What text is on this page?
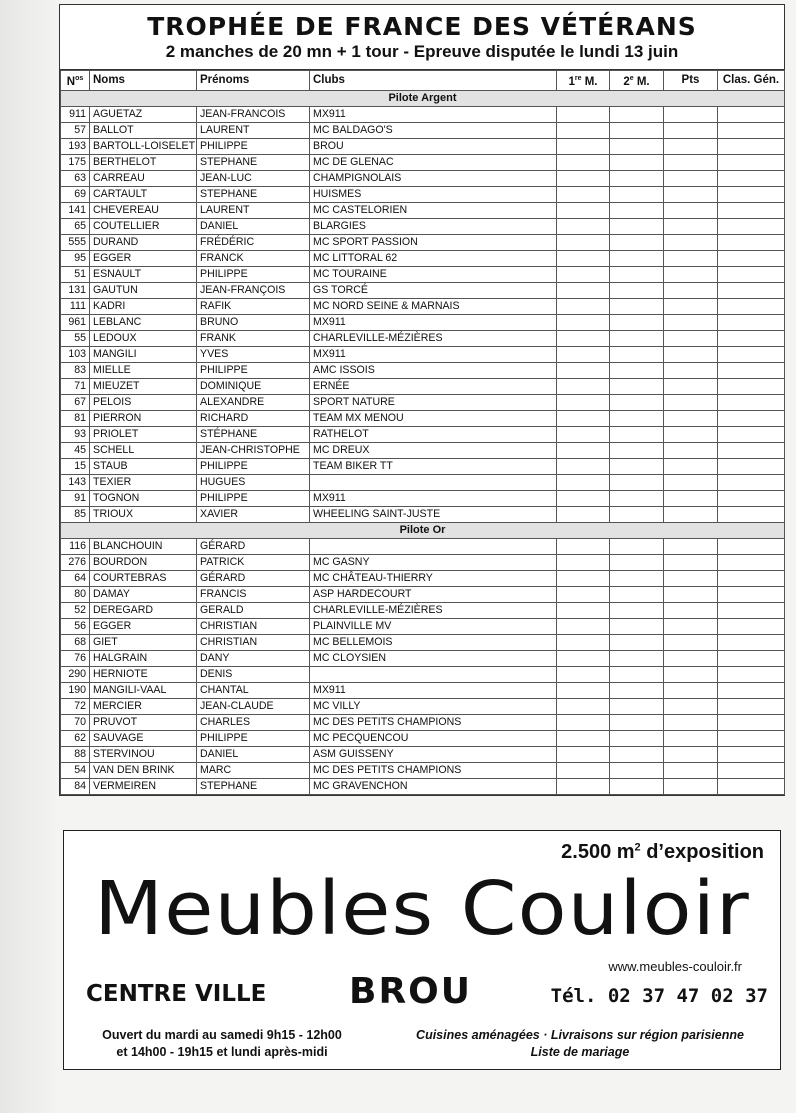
TROPHÉE DE FRANCE DES VÉTÉRANS
2 manches de 20 mn + 1 tour - Epreuve disputée le lundi 13 juin
$N^{os}$	Noms	Prénoms	Clubs	1re M.	2e M.	Pts	Clas. Gén.
Pilote Argent							
911	AGUETAZ	JEAN-FRANCOIS	MX911				
57	BALLOT	LAURENT	MC BALDAGO'S				
193	BARTOLL-LOISELET	PHILIPPE	BROU				
175	BERTHELOT	STEPHANE	MC DE GLENAC				
63	CARREAU	JEAN-LUC	CHAMPIGNOLAIS				
69	CARTAULT	STEPHANE	HUISMES				
141	CHEVEREAU	LAURENT	MC CASTELORIEN				
65	COUTELLIER	DANIEL	BLARGIES				
555	DURAND	FRÉDÉRIC	MC SPORT PASSION				
95	EGGER	FRANCK	MC LITTORAL 62				
51	ESNAULT	PHILIPPE	MC TOURAINE				
131	GAUTUN	JEAN-FRANÇOIS	GS TORCÉ				
111	KADRI	RAFIK	MC NORD SEINE & MARNAIS				
961	LEBLANC	BRUNO	MX911				
55	LEDOUX	FRANK	CHARLEVILLE-MÉZIÈRES				
103	MANGILI	YVES	MX911				
83	MIELLE	PHILIPPE	AMC ISSOIS				
71	MIEUZET	DOMINIQUE	ERNÉE				
67	PELOIS	ALEXANDRE	SPORT NATURE				
81	PIERRON	RICHARD	TEAM MX MENOU				
93	PRIOLET	STÉPHANE	RATHELOT				
45	SCHELL	JEAN-CHRISTOPHE	MC DREUX				
15	STAUB	PHILIPPE	TEAM BIKER TT				
143	TEXIER	HUGUES					
91	TOGNON	PHILIPPE	MX911				
85	TRIOUX	XAVIER	WHEELING SAINT-JUSTE				
Pilote Or							
116	BLANCHOUIN	GÉRARD					
276	BOURDON	PATRICK	MC GASNY				
64	COURTEBRAS	GÉRARD	MC CHÂTEAU-THIERRY				
80	DAMAY	FRANCIS	ASP HARDECOURT				
52	DEREGARD	GERALD	CHARLEVILLE-MÉZIÈRES				
56	EGGER	CHRISTIAN	PLAINVILLE MV				
68	GIET	CHRISTIAN	MC BELLEMOIS				
76	HALGRAIN	DANY	MC CLOYSIEN				
290	HERNIOTE	DENIS					
190	MANGILI-VAAL	CHANTAL	MX911				
72	MERCIER	JEAN-CLAUDE	MC VILLY				
70	PRUVOT	CHARLES	MC DES PETITS CHAMPIONS				
62	SAUVAGE	PHILIPPE	MC PECQUENCOU				
88	STERVINOU	DANIEL	ASM GUISSENY				
54	VAN DEN BRINK	MARC	MC DES PETITS CHAMPIONS				
84	VERMEIREN	STEPHANE	MC GRAVENCHON				
2.500 $m^2$ d’exposition
Meubles Couloir
www.meubles-couloir.fr
CENTRE VILLE BROU	Tél. 02 37 47 02 37
Ouvert du mardi au samedi 9h15 - 12h00
et 14h00 - 19h15 et lundi après-midi
Cuisines aménagées · Livraisons sur région parisienne
Liste de mariage
